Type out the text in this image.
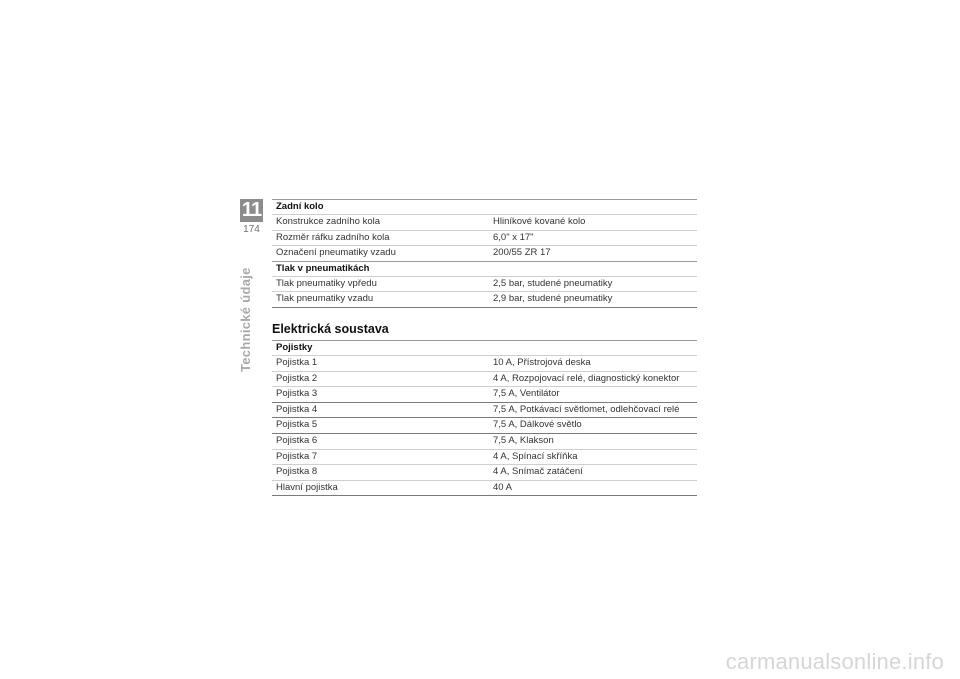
11
174
Technické údaje
Zadní kolo
Konstrukce zadního kola	Hliníkové kované kolo
Rozměr ráfku zadního kola	6,0" x 17"
Označení pneumatiky vzadu	200/55 ZR 17
Tlak v pneumatikách
Tlak pneumatiky vpředu	2,5 bar, studené pneumatiky
Tlak pneumatiky vzadu	2,9 bar, studené pneumatiky
Elektrická soustava
Pojistky
Pojistka 1	10 A, Přístrojová deska
Pojistka 2	4 A, Rozpojovací relé, diagnostický konektor
Pojistka 3	7,5 A, Ventilátor
Pojistka 4	7,5 A, Potkávací světlomet, odlehčovací relé
Pojistka 5	7,5 A, Dálkové světlo
Pojistka 6	7,5 A, Klakson
Pojistka 7	4 A, Spínací skříňka
Pojistka 8	4 A, Snímač zatáčení
Hlavní pojistka	40 A
carmanualsonline.info
